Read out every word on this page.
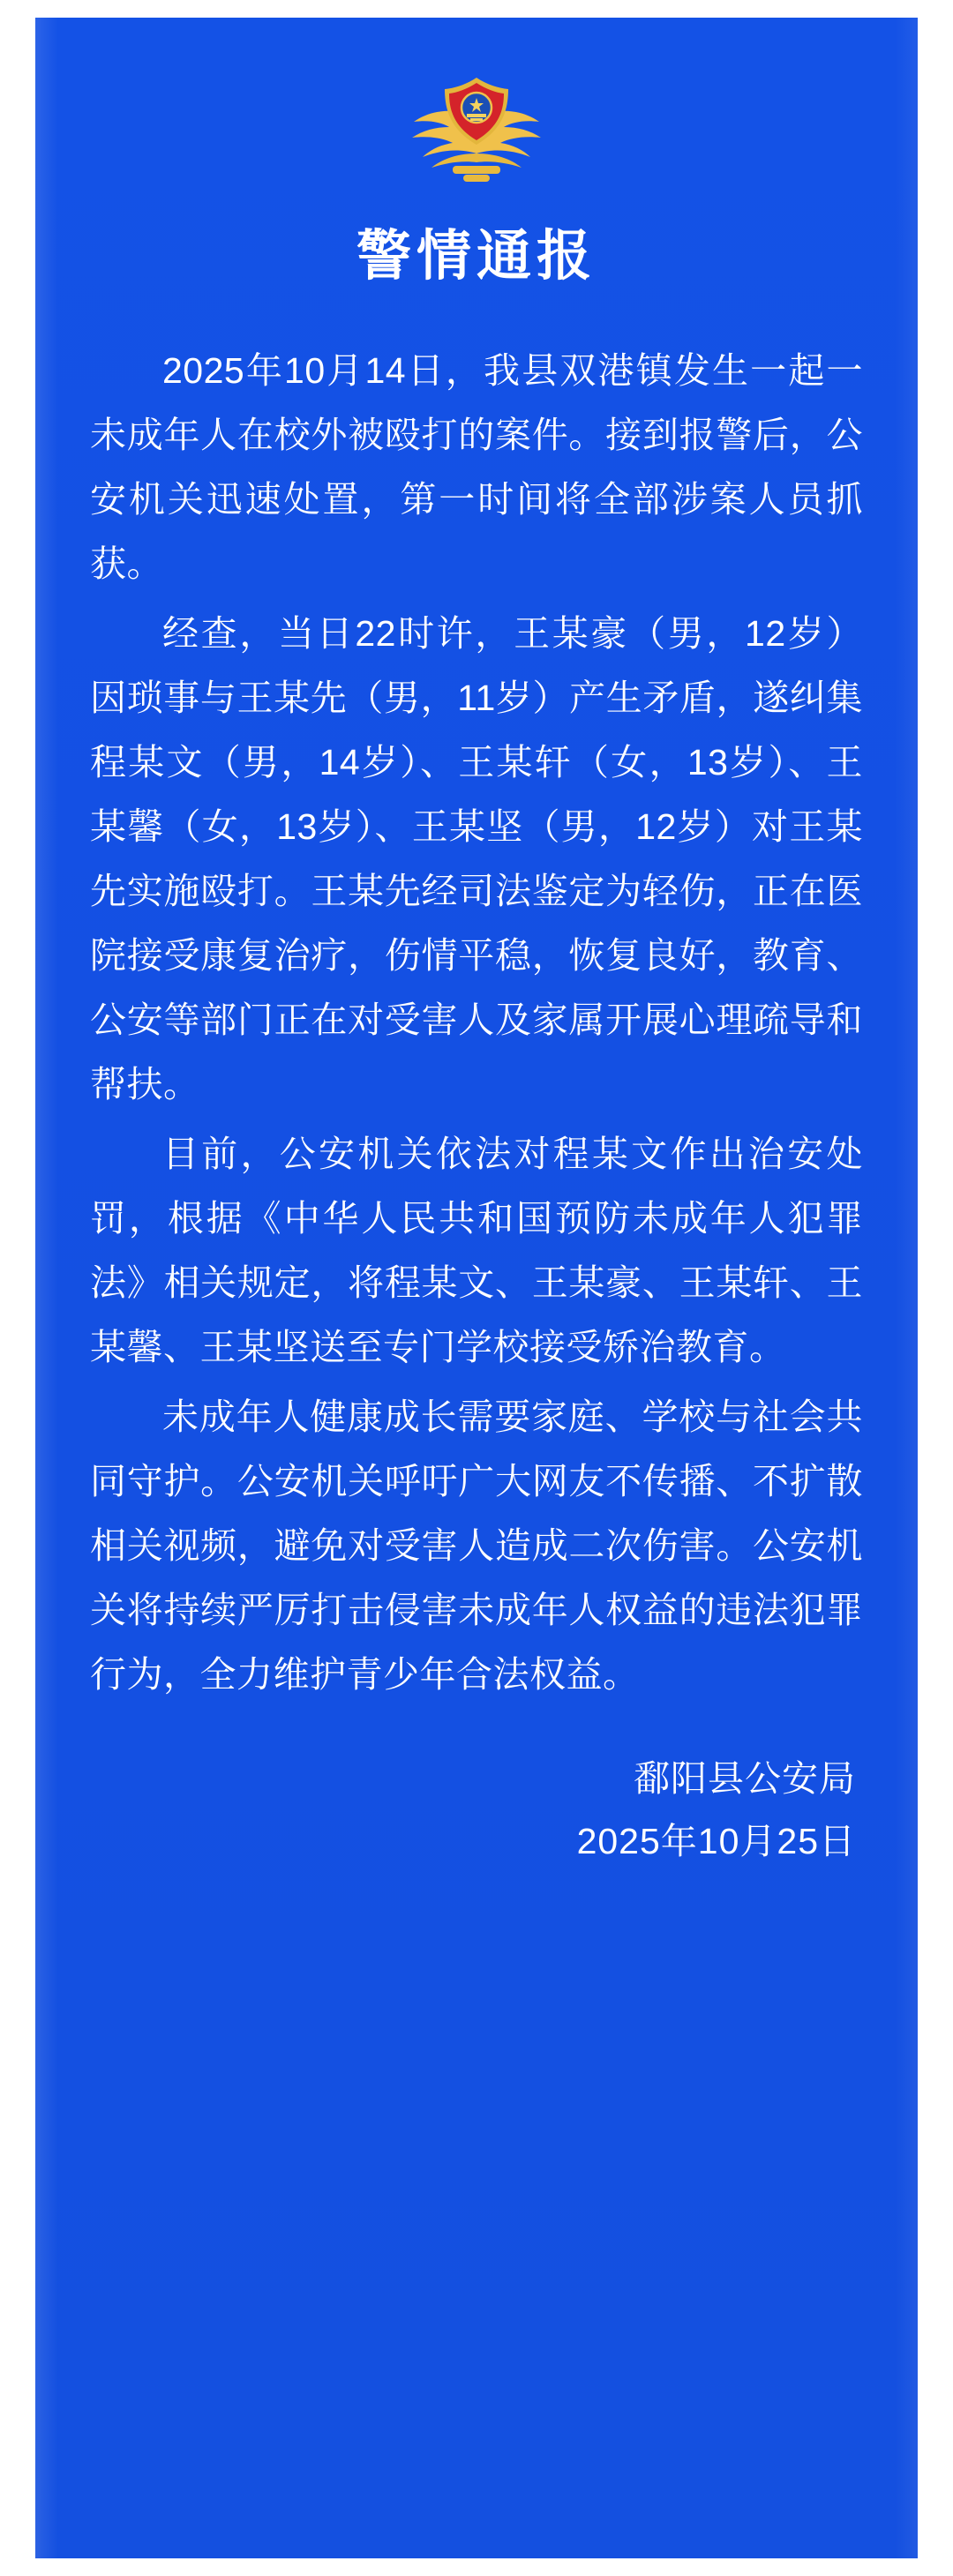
警情通报

2025年10月14日，我县双港镇发生一起一未成年人在校外被殴打的案件。接到报警后，公安机关迅速处置，第一时间将全部涉案人员抓获。

经查，当日22时许，王某豪（男，12岁）因琐事与王某先（男，11岁）产生矛盾，遂纠集程某文（男，14岁）、王某轩（女，13岁）、王某馨（女，13岁）、王某坚（男，12岁）对王某先实施殴打。王某先经司法鉴定为轻伤，正在医院接受康复治疗，伤情平稳，恢复良好，教育、公安等部门正在对受害人及家属开展心理疏导和帮扶。

目前，公安机关依法对程某文作出治安处罚，根据《中华人民共和国预防未成年人犯罪法》相关规定，将程某文、王某豪、王某轩、王某馨、王某坚送至专门学校接受矫治教育。

未成年人健康成长需要家庭、学校与社会共同守护。公安机关呼吁广大网友不传播、不扩散相关视频，避免对受害人造成二次伤害。公安机关将持续严厉打击侵害未成年人权益的违法犯罪行为，全力维护青少年合法权益。

鄱阳县公安局
2025年10月25日
